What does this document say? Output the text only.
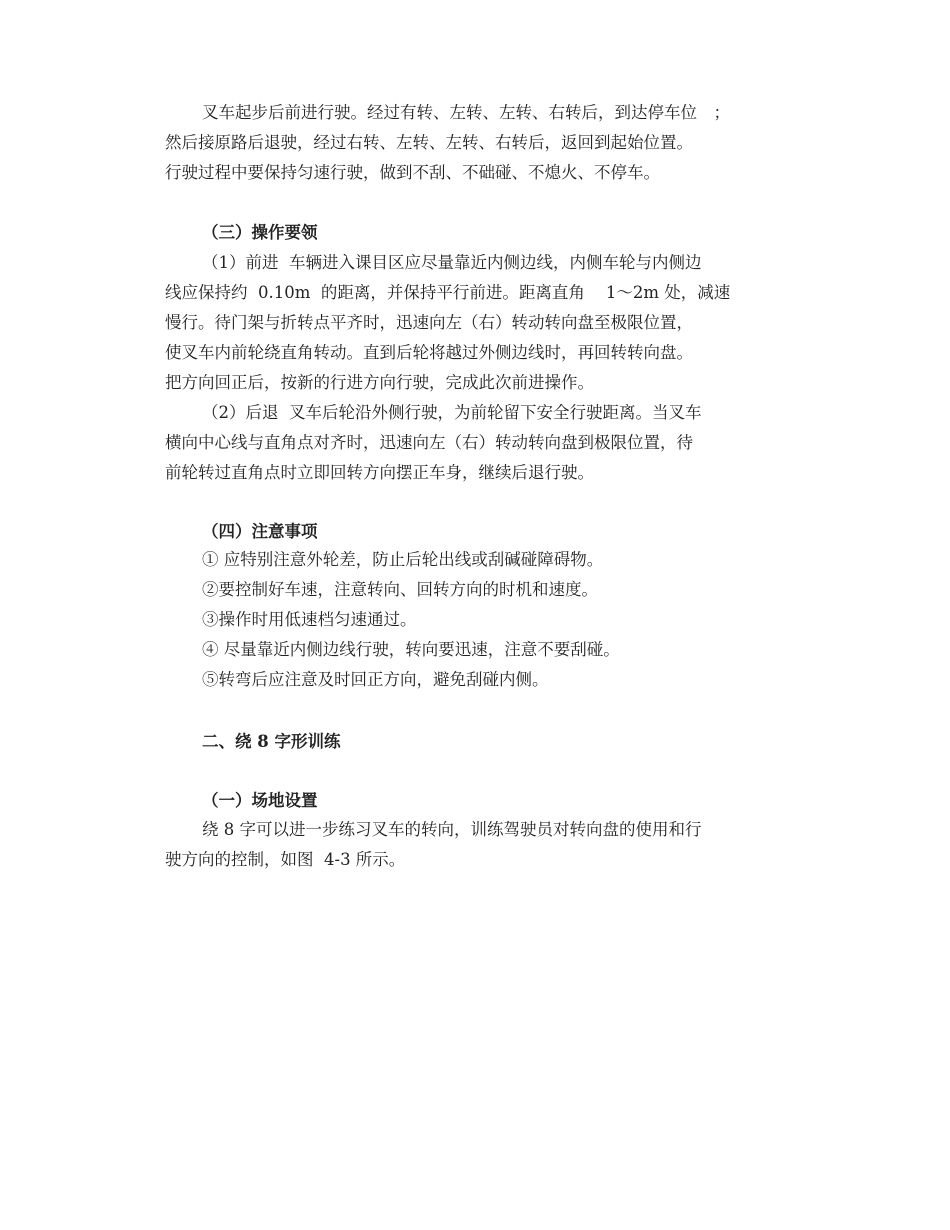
叉车起步后前进行驶。经过有转、左转、左转、右转后，到达停车位　；
然后接原路后退驶，经过右转、左转、左转、右转后，返回到起始位置。
行驶过程中要保持匀速行驶，做到不刮、不础碰、不熄火、不停车。
（三）操作要领
（1）前进  车辆进入课目区应尽量靠近内侧边线，内侧车轮与内侧边
线应保持约  0.10m  的距离，并保持平行前进。距离直角    1～2m 处，减速
慢行。待门架与折转点平齐时，迅速向左（右）转动转向盘至极限位置，
使叉车内前轮绕直角转动。直到后轮将越过外侧边线时，再回转转向盘。
把方向回正后，按新的行进方向行驶，完成此次前进操作。
（2）后退  叉车后轮沿外侧行驶，为前轮留下安全行驶距离。当叉车
横向中心线与直角点对齐时，迅速向左（右）转动转向盘到极限位置，待
前轮转过直角点时立即回转方向摆正车身，继续后退行驶。
（四）注意事项
① 应特别注意外轮差，防止后轮出线或刮碱碰障碍物。
②要控制好车速，注意转向、回转方向的时机和速度。
③操作时用低速档匀速通过。
④ 尽量靠近内侧边线行驶，转向要迅速，注意不要刮碰。
⑤转弯后应注意及时回正方向，避免刮碰内侧。
二、绕 8 字形训练
（一）场地设置
绕 8 字可以进一步练习叉车的转向，训练驾驶员对转向盘的使用和行
驶方向的控制，如图  4-3 所示。
